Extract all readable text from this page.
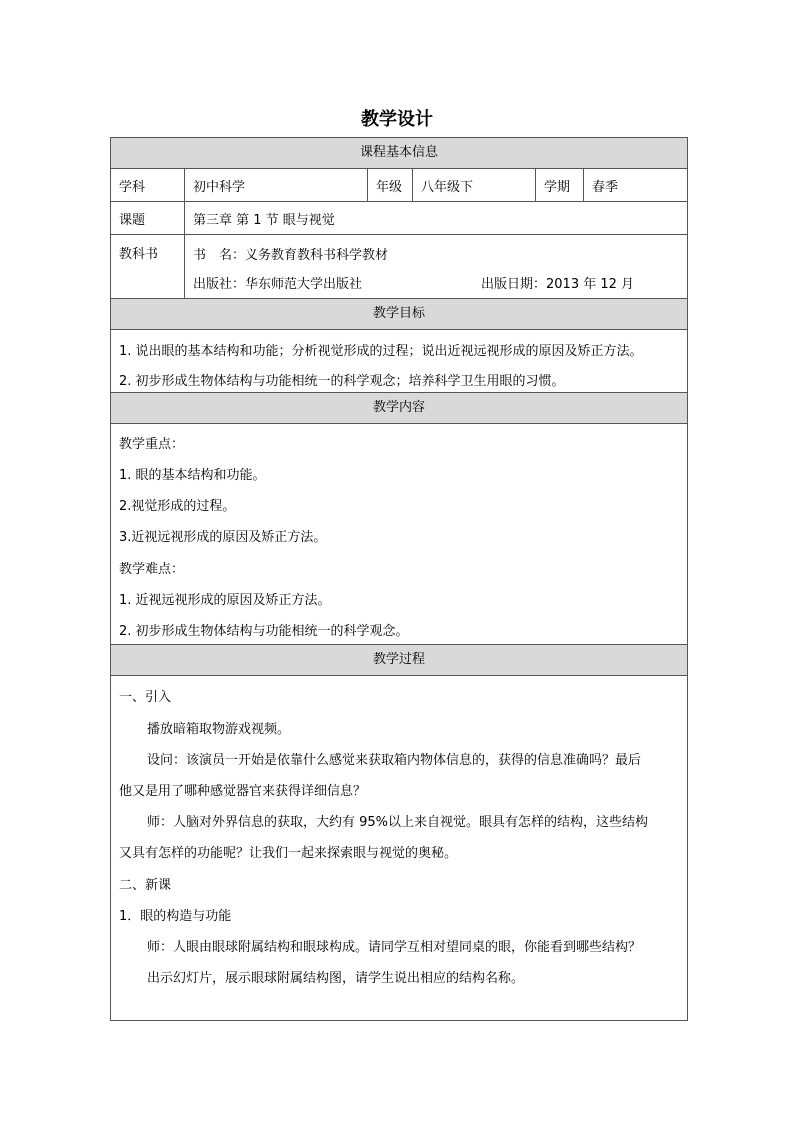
教学设计
课程基本信息
学科	初中科学	年级	八年级下	学期	春季
课题	第三章 第 1 节 眼与视觉
教科书	书　名：义务教育教科书科学教材
出版社：华东师范大学出版社	出版日期：2013 年 12 月
教学目标
1. 说出眼的基本结构和功能；分析视觉形成的过程；说出近视远视形成的原因及矫正方法。
2. 初步形成生物体结构与功能相统一的科学观念；培养科学卫生用眼的习惯。
教学内容
教学重点：
1. 眼的基本结构和功能。
2.视觉形成的过程。
3.近视远视形成的原因及矫正方法。
教学难点：
1. 近视远视形成的原因及矫正方法。
2. 初步形成生物体结构与功能相统一的科学观念。
教学过程
一、引入
播放暗箱取物游戏视频。
设问：该演员一开始是依靠什么感觉来获取箱内物体信息的，获得的信息准确吗？最后
他又是用了哪种感觉器官来获得详细信息？
师：人脑对外界信息的获取，大约有 95%以上来自视觉。眼具有怎样的结构，这些结构
又具有怎样的功能呢？让我们一起来探索眼与视觉的奥秘。
二、新课
1．眼的构造与功能
师：人眼由眼球附属结构和眼球构成。请同学互相对望同桌的眼，你能看到哪些结构？
出示幻灯片，展示眼球附属结构图，请学生说出相应的结构名称。
